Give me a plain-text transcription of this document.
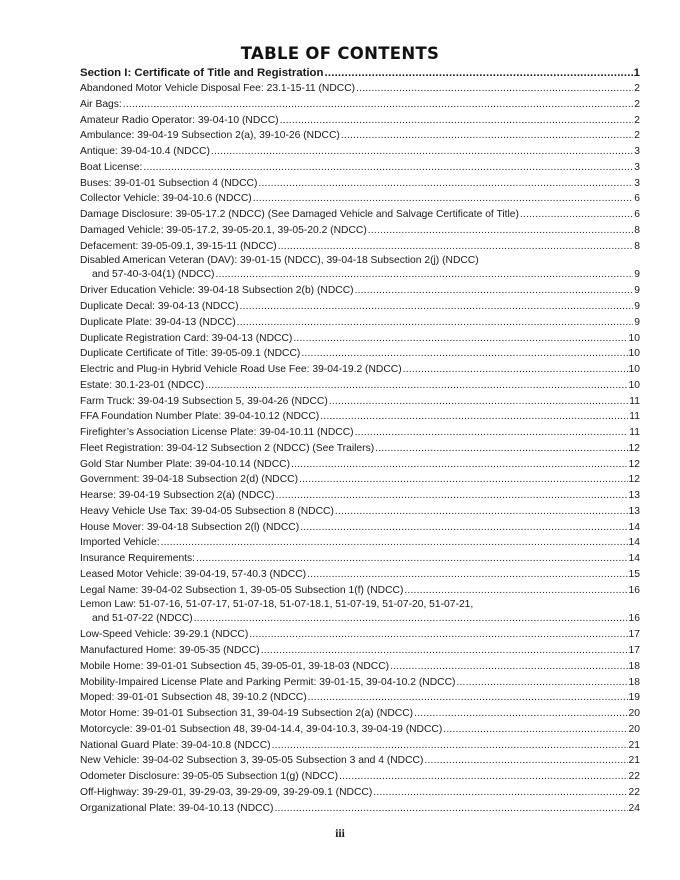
TABLE OF CONTENTS
Section I: Certificate of Title and Registration .....	1
Abandoned Motor Vehicle Disposal Fee: 23.1-15-11 (NDCC) .....	2
Air Bags: .....	2
Amateur Radio Operator: 39-04-10 (NDCC) .....	2
Ambulance: 39-04-19 Subsection 2(a), 39-10-26 (NDCC) .....	2
Antique: 39-04-10.4 (NDCC) .....	3
Boat License: .....	3
Buses: 39-01-01 Subsection 4 (NDCC) .....	3
Collector Vehicle: 39-04-10.6 (NDCC) .....	6
Damage Disclosure: 39-05-17.2 (NDCC) (See Damaged Vehicle and Salvage Certificate of Title) .....	6
Damaged Vehicle: 39-05-17.2, 39-05-20.1, 39-05-20.2 (NDCC) .....	8
Defacement: 39-05-09.1, 39-15-11 (NDCC) .....	8
Disabled American Veteran (DAV): 39-01-15 (NDCC), 39-04-18 Subsection 2(j) (NDCC)
and 57-40-3-04(1) (NDCC) .....	9
Driver Education Vehicle: 39-04-18 Subsection 2(b) (NDCC) .....	9
Duplicate Decal: 39-04-13 (NDCC) .....	9
Duplicate Plate: 39-04-13 (NDCC) .....	9
Duplicate Registration Card: 39-04-13 (NDCC) .....	10
Duplicate Certificate of Title: 39-05-09.1 (NDCC) .....	10
Electric and Plug-in Hybrid Vehicle Road Use Fee: 39-04-19.2 (NDCC) .....	10
Estate: 30.1-23-01 (NDCC) .....	10
Farm Truck: 39-04-19 Subsection 5, 39-04-26 (NDCC) .....	11
FFA Foundation Number Plate: 39-04-10.12 (NDCC) .....	11
Firefighter’s Association License Plate: 39-04-10.11 (NDCC) .....	11
Fleet Registration: 39-04-12 Subsection 2 (NDCC) (See Trailers) .....	12
Gold Star Number Plate: 39-04-10.14 (NDCC) .....	12
Government: 39-04-18 Subsection 2(d) (NDCC) .....	12
Hearse: 39-04-19 Subsection 2(a) (NDCC) .....	13
Heavy Vehicle Use Tax: 39-04-05 Subsection 8 (NDCC) .....	13
House Mover: 39-04-18 Subsection 2(l) (NDCC) .....	14
Imported Vehicle: .....	14
Insurance Requirements: .....	14
Leased Motor Vehicle: 39-04-19, 57-40.3 (NDCC) .....	15
Legal Name: 39-04-02 Subsection 1, 39-05-05 Subsection 1(f) (NDCC) .....	16
Lemon Law: 51-07-16, 51-07-17, 51-07-18, 51-07-18.1, 51-07-19, 51-07-20, 51-07-21,
and 51-07-22 (NDCC) .....	16
Low-Speed Vehicle: 39-29.1 (NDCC) .....	17
Manufactured Home: 39-05-35 (NDCC) .....	17
Mobile Home: 39-01-01 Subsection 45, 39-05-01, 39-18-03 (NDCC) .....	18
Mobility-Impaired License Plate and Parking Permit: 39-01-15, 39-04-10.2 (NDCC) .....	18
Moped: 39-01-01 Subsection 48, 39-10.2 (NDCC) .....	19
Motor Home: 39-01-01 Subsection 31, 39-04-19 Subsection 2(a) (NDCC) .....	20
Motorcycle: 39-01-01 Subsection 48, 39-04-14.4, 39-04-10.3, 39-04-19 (NDCC) .....	20
National Guard Plate: 39-04-10.8 (NDCC) .....	21
New Vehicle: 39-04-02 Subsection 3, 39-05-05 Subsection 3 and 4 (NDCC) .....	21
Odometer Disclosure: 39-05-05 Subsection 1(g) (NDCC) .....	22
Off-Highway: 39-29-01, 39-29-03, 39-29-09, 39-29-09.1 (NDCC) .....	22
Organizational Plate: 39-04-10.13 (NDCC) .....	24
iii
